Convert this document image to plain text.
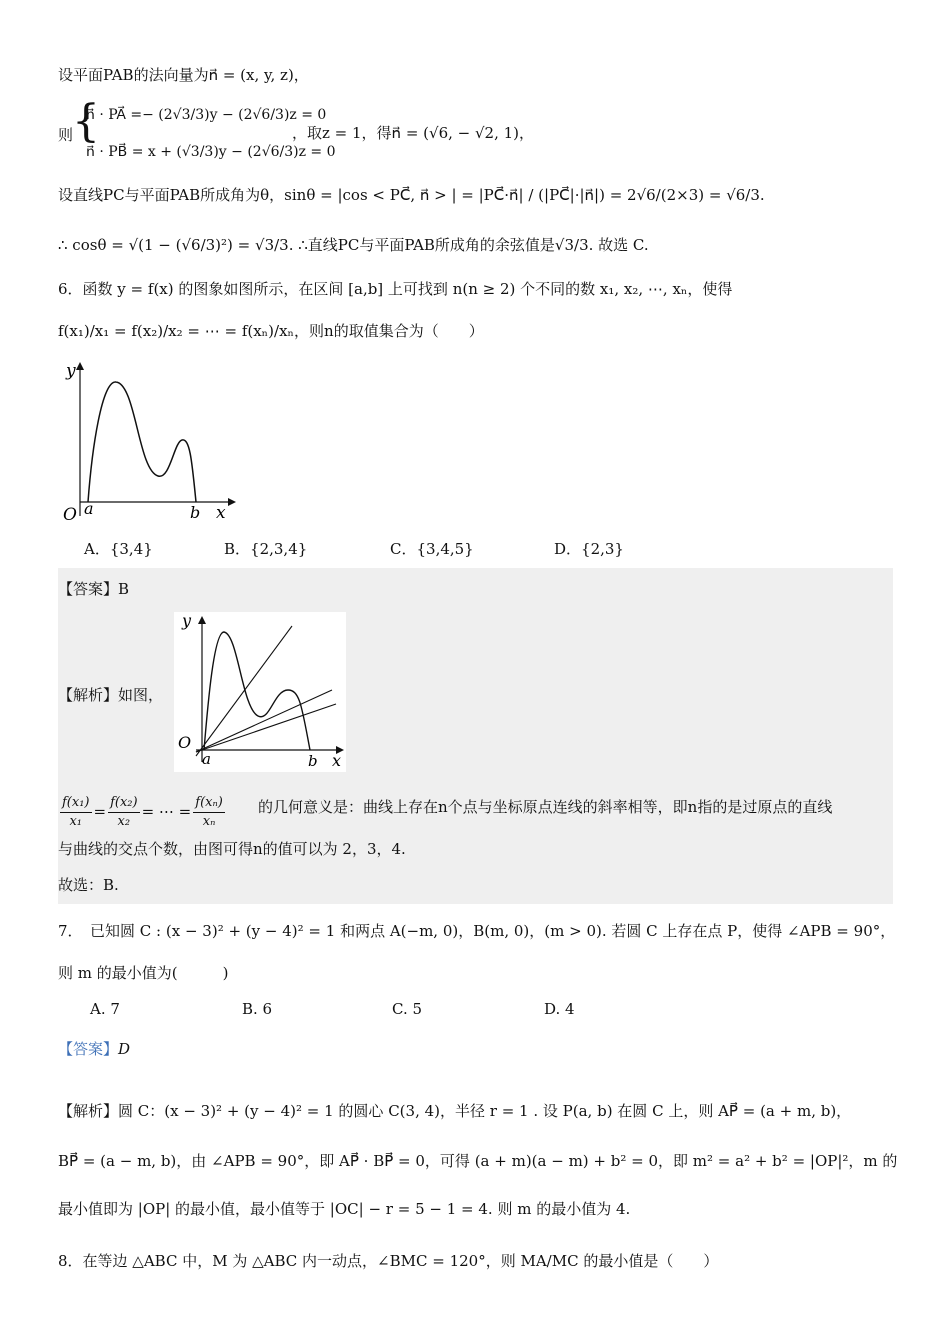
设平面PAB的法向量为n⃗ = (x, y, z)，
则
{
n⃗ · PA⃗ =− (2√3/3)y − (2√6/3)z = 0
n⃗ · PB⃗ = x + (√3/3)y − (2√6/3)z = 0
，取z = 1，得n⃗ = (√6, − √2, 1)，
设直线PC与平面PAB所成角为θ，sinθ = |cos < PC⃗, n⃗ > | = |PC⃗·n⃗| / (|PC⃗|·|n⃗|) = 2√6/(2×3) = √6/3.
∴ cosθ = √(1 − (√6/3)²) = √3/3. ∴直线PC与平面PAB所成角的余弦值是√3/3. 故选 C.
6．函数 y = f(x) 的图象如图所示，在区间 [a,b] 上可找到 n(n ≥ 2) 个不同的数 x₁, x₂, ⋯, xₙ，使得
f(x₁)/x₁ = f(x₂)/x₂ = ⋯ = f(xₙ)/xₙ，则n的取值集合为（　　）
y
O a	b x
A．{3,4}	B．{2,3,4}	C．{3,4,5}	D．{2,3}
【答案】B
【解析】如图，
y
O
a	b x
$\frac{\text{f(x₁)}}{\text{x₁}} = \frac{\text{f(x₂)}}{\text{x₂}}$ = ⋯ = $\frac{\text{f(xₙ)}}{\text{xₙ}}$ 的几何意义是：曲线上存在n个点与坐标原点连线的斜率相等，即n指的是过原点的直线
与曲线的交点个数，由图可得n的值可以为 2，3，4.
故选：B.
7．　已知圆 C : (x − 3)² + (y − 4)² = 1 和两点 A(−m, 0)，B(m, 0)，(m > 0). 若圆 C 上存在点 P，使得 ∠APB = 90°，
则 m 的最小值为(　　　)
A. 7	B. 6	C. 5	D. 4
【答案】D
【解析】圆 C：(x − 3)² + (y − 4)² = 1 的圆心 C(3, 4)，半径 r = 1 . 设 P(a, b) 在圆 C 上，则 AP⃗ = (a + m, b)，
BP⃗ = (a − m, b)，由 ∠APB = 90°，即 AP⃗ · BP⃗ = 0，可得 (a + m)(a − m) + b² = 0，即 m² = a² + b² = |OP|²，m 的
最小值即为 |OP| 的最小值，最小值等于 |OC| − r = 5 − 1 = 4. 则 m 的最小值为 4.
8．在等边 △ABC 中，M 为 △ABC 内一动点，∠BMC = 120°，则 MA/MC 的最小值是（　　）
